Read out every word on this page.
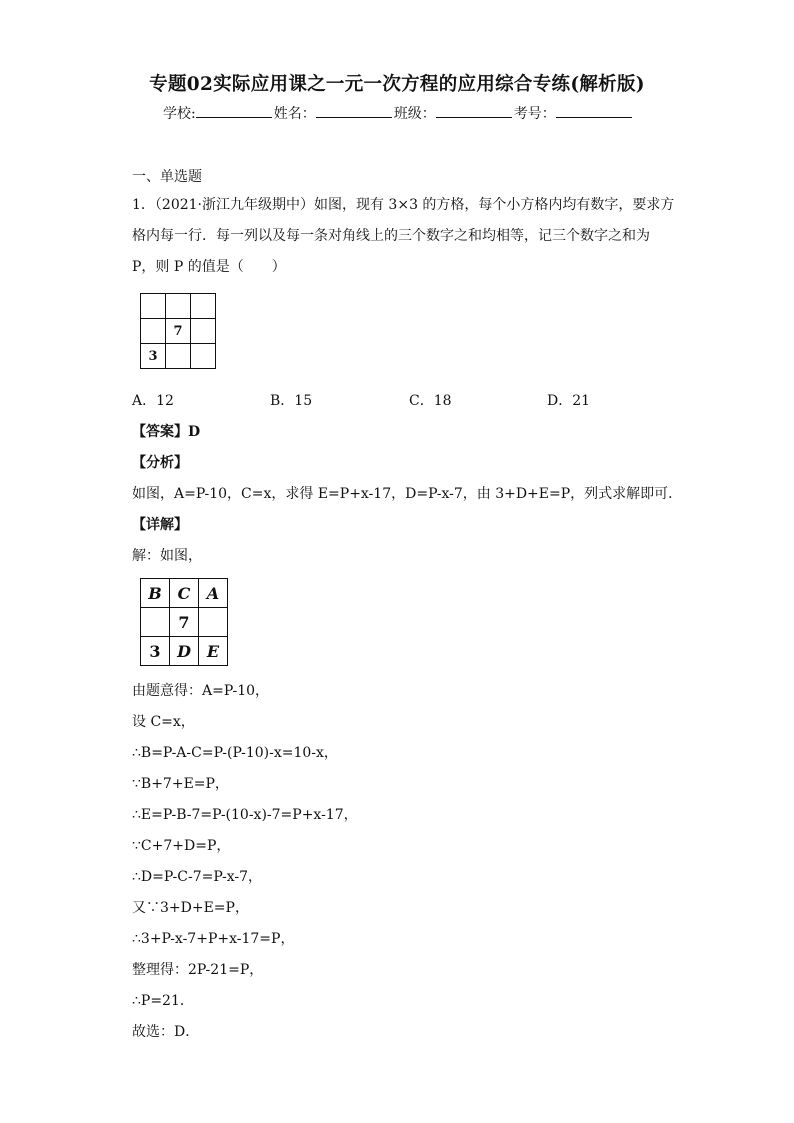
专题02实际应用课之一元一次方程的应用综合专练(解析版)
学校:	姓名：	班级：	考号：
一、单选题
1．（2021·浙江九年级期中）如图，现有 3×3 的方格，每个小方格内均有数字，要求方
格内每一行．每一列以及每一条对角线上的三个数字之和均相等，记三个数字之和为
P，则 P 的值是（　　）

	7	
3		
A．12	B．15	C．18	D．21
【答案】D
【分析】
如图，A=P-10，C=x，求得 E=P+x-17，D=P-x-7，由 3+D+E=P，列式求解即可．
【详解】
解：如图，
B	C	A
	7	
3	D	E
由题意得：A=P-10，
设 C=x，
∴B=P-A-C=P-(P-10)-x=10-x，
∵B+7+E=P，
∴E=P-B-7=P-(10-x)-7=P+x-17，
∵C+7+D=P，
∴D=P-C-7=P-x-7，
又∵3+D+E=P，
∴3+P-x-7+P+x-17=P，
整理得：2P-21=P，
∴P=21．
故选：D．
